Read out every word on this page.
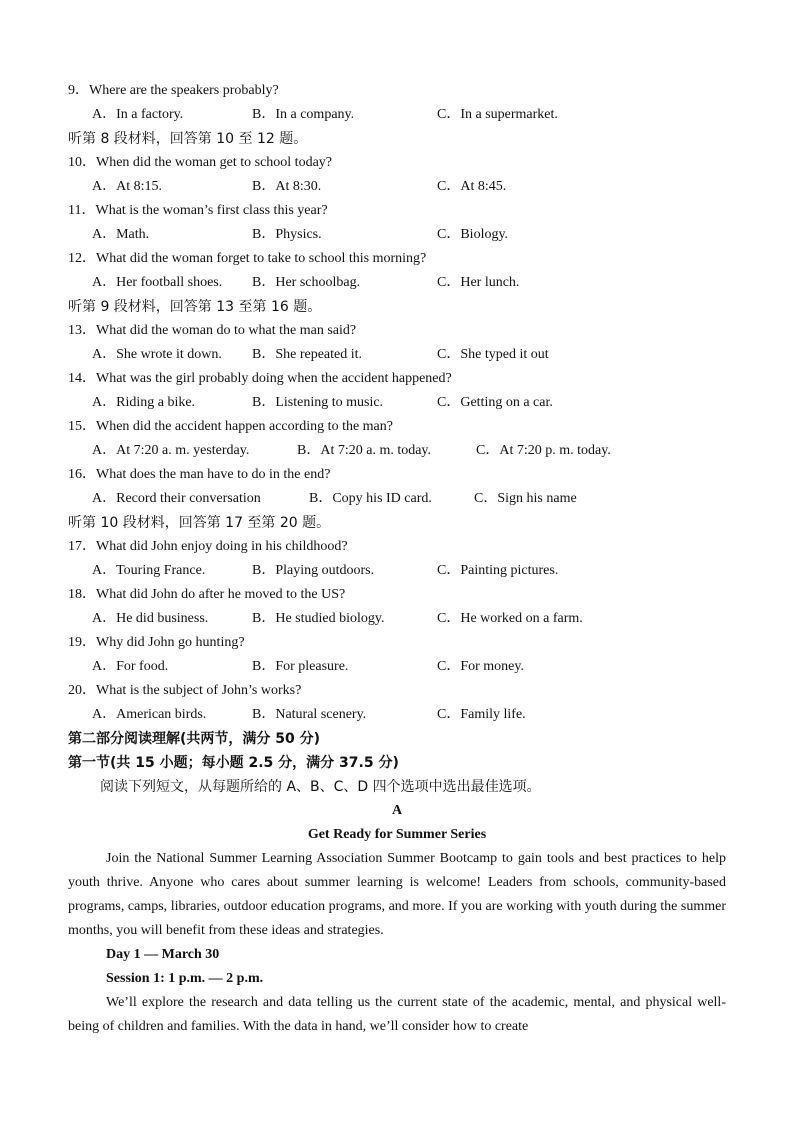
9．Where are the speakers probably?
A．In a factory.	B．In a company.	C．In a supermarket.
听第 8 段材料，回答第 10 至 12 题。
10．When did the woman get to school today?
A．At 8:15.	B．At 8:30.	C．At 8:45.
11．What is the woman’s first class this year?
A．Math.	B．Physics.	C．Biology.
12．What did the woman forget to take to school this morning?
A．Her football shoes. B．Her schoolbag.	C．Her lunch.
听第 9 段材料，回答第 13 至第 16 题。
13．What did the woman do to what the man said?
A．She wrote it down. B．She repeated it.	C．She typed it out
14．What was the girl probably doing when the accident happened?
A．Riding a bike.	B．Listening to music.	C．Getting on a car.
15．When did the accident happen according to the man?
A．At 7:20 a. m. yesterday.	B．At 7:20 a. m. today.	C．At 7:20 p. m. today.
16．What does the man have to do in the end?
A．Record their conversation	B．Copy his ID card.	C．Sign his name
听第 10 段材料，回答第 17 至第 20 题。
17．What did John enjoy doing in his childhood?
A．Touring France.	B．Playing outdoors.	C．Painting pictures.
18．What did John do after he moved to the US?
A．He did business.	B．He studied biology.	C．He worked on a farm.
19．Why did John go hunting?
A．For food.	B．For pleasure.	C．For money.
20．What is the subject of John’s works?
A．American birds.	B．Natural scenery.	C．Family life.
第二部分阅读理解(共两节，满分 50 分)
第一节(共 15 小题；每小题 2.5 分，满分 37.5 分)
阅读下列短文，从每题所给的 A、B、C、D 四个选项中选出最佳选项。
A
Get Ready for Summer Series
Join the National Summer Learning Association Summer Bootcamp to gain tools and best practices to help youth thrive. Anyone who cares about summer learning is welcome! Leaders from schools, community-based programs, camps, libraries, outdoor education programs, and more. If you are working with youth during the summer months, you will benefit from these ideas and strategies.
Day 1 — March 30
Session 1: 1 p.m. — 2 p.m.
We’ll explore the research and data telling us the current state of the academic, mental, and physical well-being of children and families. With the data in hand, we’ll consider how to create
